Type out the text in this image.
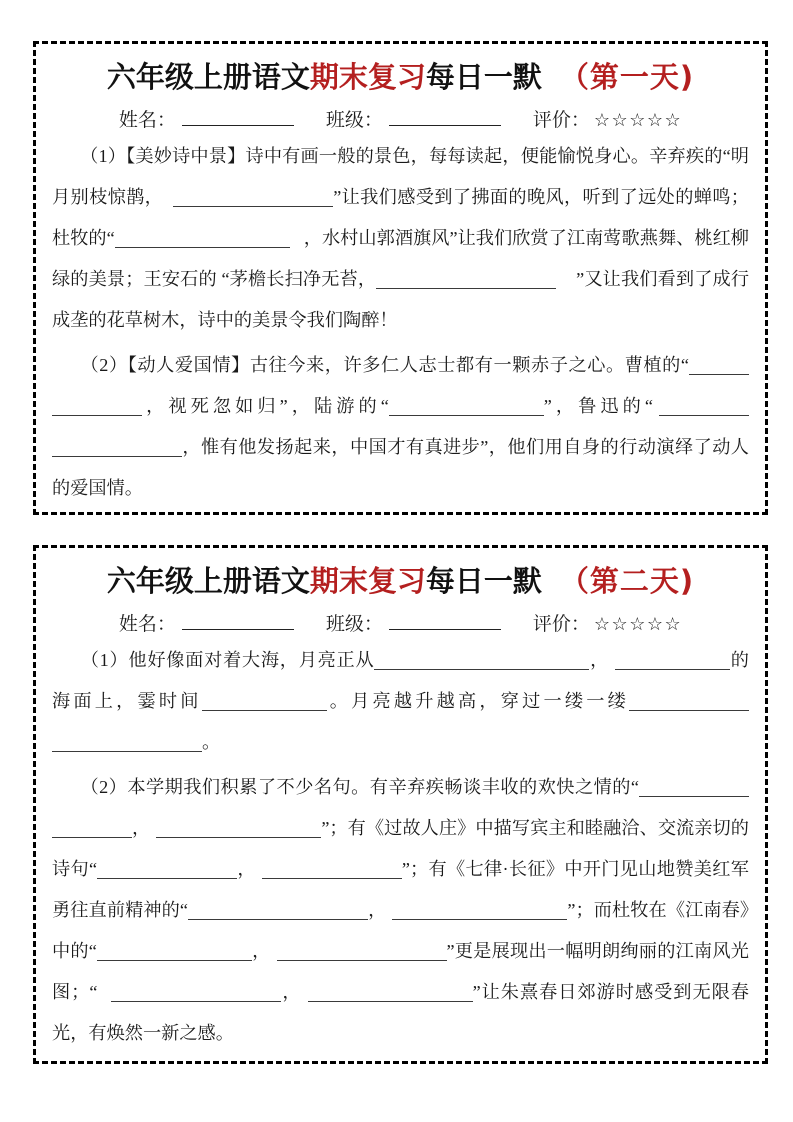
六年级上册语文期末复习每日一默 （第一天)
姓名：	班级：	评价： ☆☆☆☆☆

（1）【美妙诗中景】诗中有画一般的景色，每每读起，便能愉悦身心。辛弃疾的“明月别枝惊鹊，	”让我们感受到了拂面的晚风，听到了远处的蝉鸣；杜牧的“	，水村山郭酒旗风”让我们欣赏了江南莺歌燕舞、桃红柳绿的美景；王安石的 “茅檐长扫净无苔，	”又让我们看到了成行成垄的花草树木，诗中的美景令我们陶醉！

（2）【动人爱国情】古往今来，许多仁人志士都有一颗赤子之心。曹植的“，视死忽如归”，陆游的“	”，鲁迅的“，惟有他发扬起来，中国才有真进步”，他们用自身的行动演绎了动人的爱国情。

六年级上册语文期末复习每日一默 （第二天)
姓名：	班级：	评价： ☆☆☆☆☆

（1）他好像面对着大海，月亮正从	，	的海面上，霎时间	。月亮越升越高，穿过一缕一缕。

（2）本学期我们积累了不少名句。有辛弃疾畅谈丰收的欢快之情的“，	”；有《过故人庄》中描写宾主和睦融洽、交流亲切的诗句“	，	”；有《七律·长征》中开门见山地赞美红军勇往直前精神的“	，	”；而杜牧在《江南春》中的“	，	”更是展现出一幅明朗绚丽的江南风光图；“	，	”让朱熹春日郊游时感受到无限春光，有焕然一新之感。
